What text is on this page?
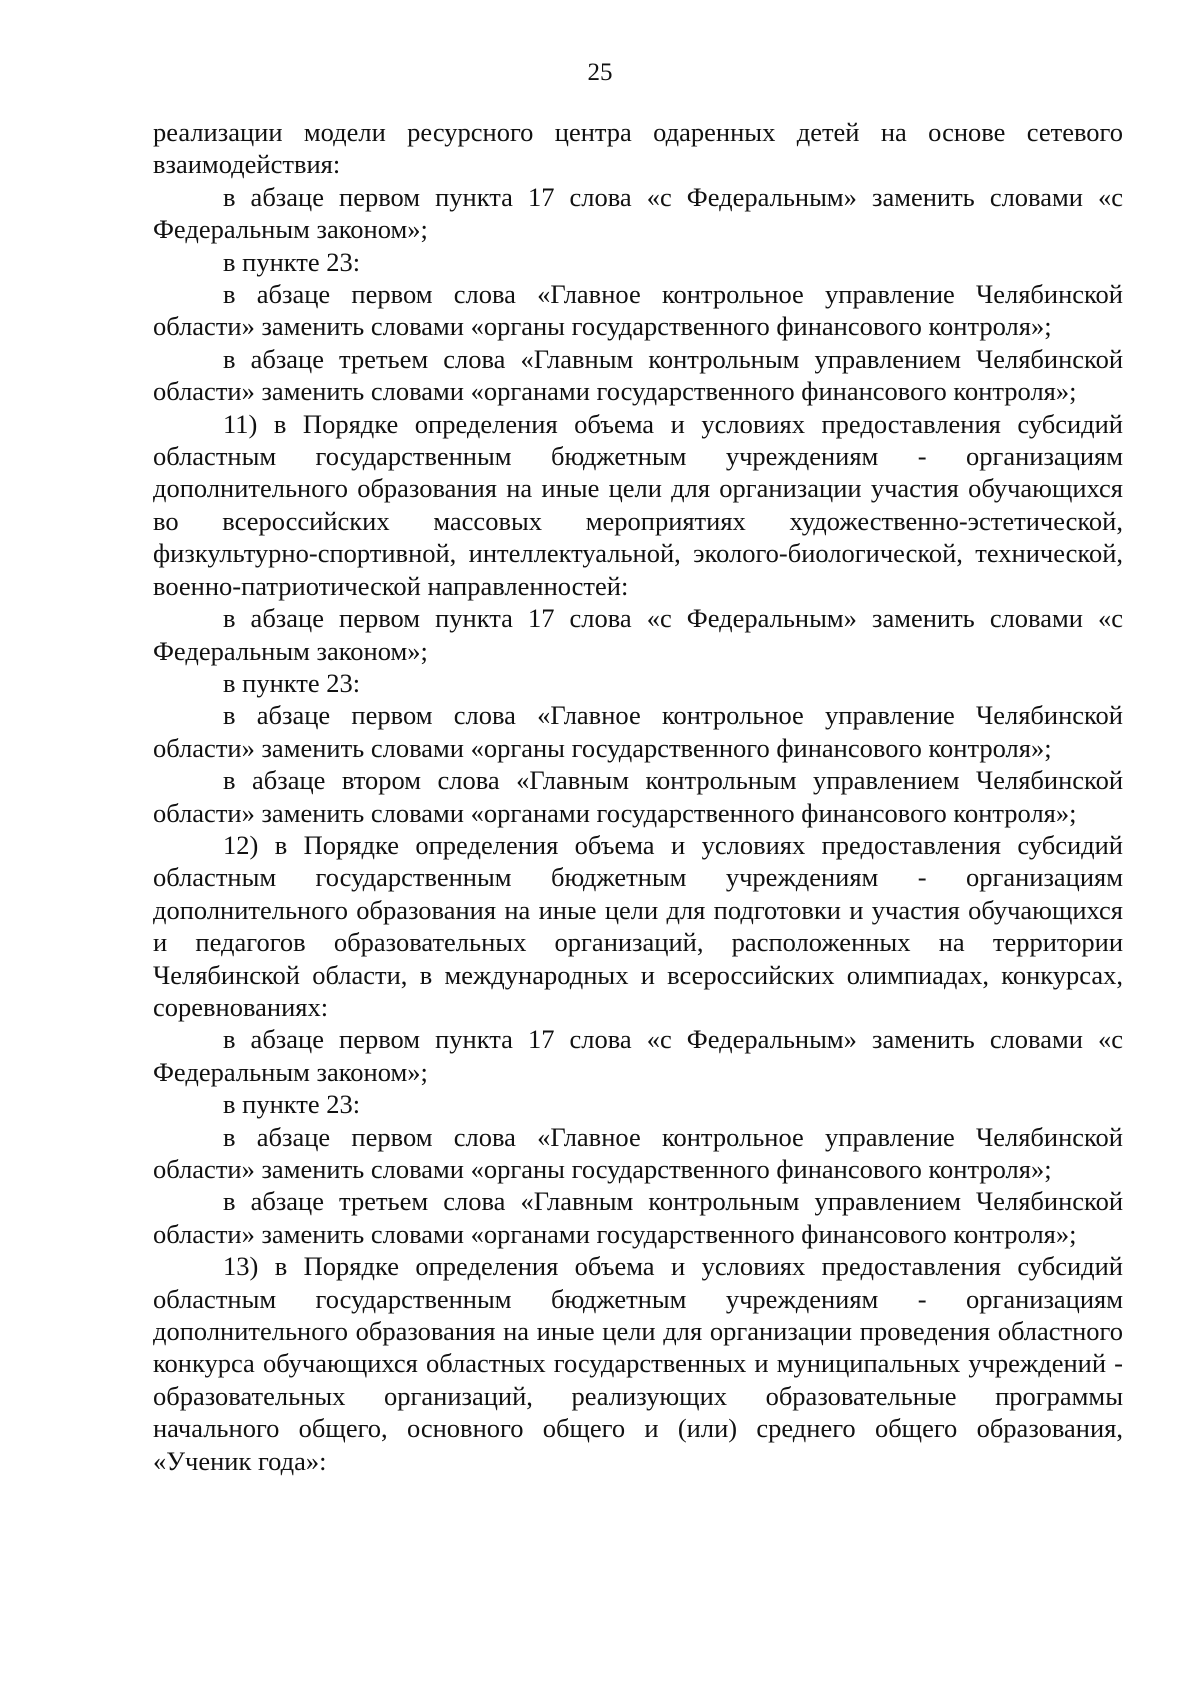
25

реализации модели ресурсного центра одаренных детей на основе сетевого взаимодействия:

в абзаце первом пункта 17 слова «с Федеральным» заменить словами «с Федеральным законом»;

в пункте 23:

в абзаце первом слова «Главное контрольное управление Челябинской области» заменить словами «органы государственного финансового контроля»;

в абзаце третьем слова «Главным контрольным управлением Челябинской области» заменить словами «органами государственного финансового контроля»;

11) в Порядке определения объема и условиях предоставления субсидий областным государственным бюджетным учреждениям - организациям дополнительного образования на иные цели для организации участия обучающихся во всероссийских массовых мероприятиях художественно-эстетической, физкультурно-спортивной, интеллектуальной, эколого-биологической, технической, военно-патриотической направленностей:

в абзаце первом пункта 17 слова «с Федеральным» заменить словами «с Федеральным законом»;

в пункте 23:

в абзаце первом слова «Главное контрольное управление Челябинской области» заменить словами «органы государственного финансового контроля»;

в абзаце втором слова «Главным контрольным управлением Челябинской области» заменить словами «органами государственного финансового контроля»;

12) в Порядке определения объема и условиях предоставления субсидий областным государственным бюджетным учреждениям - организациям дополнительного образования на иные цели для подготовки и участия обучающихся и педагогов образовательных организаций, расположенных на территории Челябинской области, в международных и всероссийских олимпиадах, конкурсах, соревнованиях:

в абзаце первом пункта 17 слова «с Федеральным» заменить словами «с Федеральным законом»;

в пункте 23:

в абзаце первом слова «Главное контрольное управление Челябинской области» заменить словами «органы государственного финансового контроля»;

в абзаце третьем слова «Главным контрольным управлением Челябинской области» заменить словами «органами государственного финансового контроля»;

13) в Порядке определения объема и условиях предоставления субсидий областным государственным бюджетным учреждениям - организациям дополнительного образования на иные цели для организации проведения областного конкурса обучающихся областных государственных и муниципальных учреждений - образовательных организаций, реализующих образовательные программы начального общего, основного общего и (или) среднего общего образования, «Ученик года»:
